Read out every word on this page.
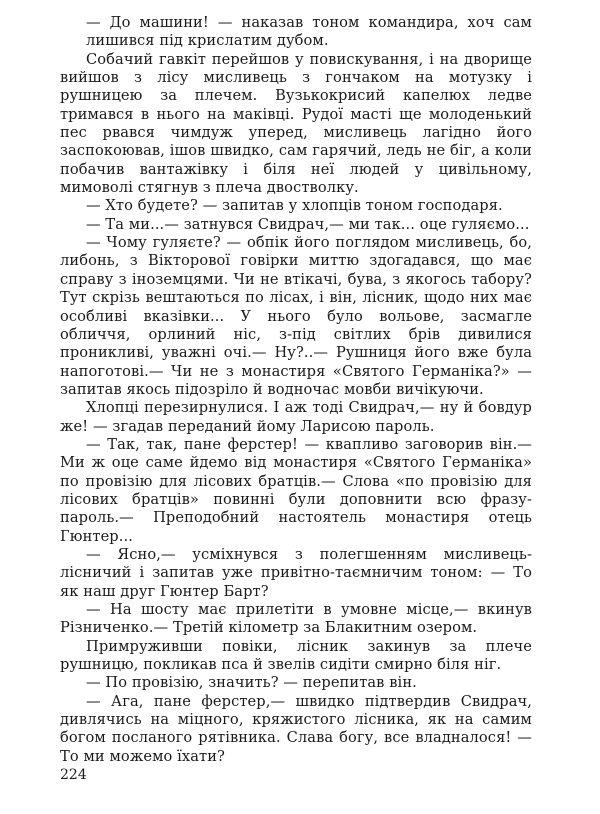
— До машини! — наказав тоном командира, хоч сам лишився під крислатим дубом.

Собачий гавкіт перейшов у повискування, і на дворище вийшов з лісу мисливець з гончаком на мотузку і рушницею за плечем. Вузькокрисий капелюх ледве тримався в нього на маківці. Рудої масті ще молоденький пес рвався чимдуж уперед, мисливець лагідно його заспокоював, ішов швидко, сам гарячий, ледь не біг, а коли побачив вантажівку і біля неї людей у цивільному, мимоволі стягнув з плеча двостволку.

— Хто будете? — запитав у хлопців тоном господаря.

— Та ми...— затнувся Свидрач,— ми так... оце гуляємо...

— Чому гуляєте? — обпік його поглядом мисливець, бо, либонь, з Вікторової говірки миттю здогадався, що має справу з іноземцями. Чи не втікачі, бува, з якогось табору? Тут скрізь вештаються по лісах, і він, лісник, щодо них має особливі вказівки... У нього було вольове, засмагле обличчя, орлиний ніс, з-під світлих брів дивилися проникливі, уважні очі.— Ну?..— Рушниця його вже була напоготові.— Чи не з монастиря «Святого Германіка?» — запитав якось підозріло й водночас мовби вичікуючи.

Хлопці перезирнулися. І аж тоді Свидрач,— ну й бовдур же! — згадав переданий йому Ларисою пароль.

— Так, так, пане ферстер! — квапливо заговорив він.— Ми ж оце саме йдемо від монастиря «Святого Германіка» по провізію для лісових братців.— Слова «по провізію для лісових братців» повинні були доповнити всю фразу-пароль.— Преподобний настоятель монастиря отець Гюнтер...

— Ясно,— усміхнувся з полегшенням мисливець-лісничий і запитав уже привітно-таємничим тоном: — То як наш друг Гюнтер Барт?

— На шосту має прилетіти в умовне місце,— вкинув Різниченко.— Третій кілометр за Блакитним озером.

Примруживши повіки, лісник закинув за плече рушницю, покликав пса й звелів сидіти смирно біля ніг.

— По провізію, значить? — перепитав він.

— Ага, пане ферстер,— швидко підтвердив Свидрач, дивлячись на міцного, кряжистого лісника, як на самим богом посланого рятівника. Слава богу, все владналося! — То ми можемо їхати?

224
